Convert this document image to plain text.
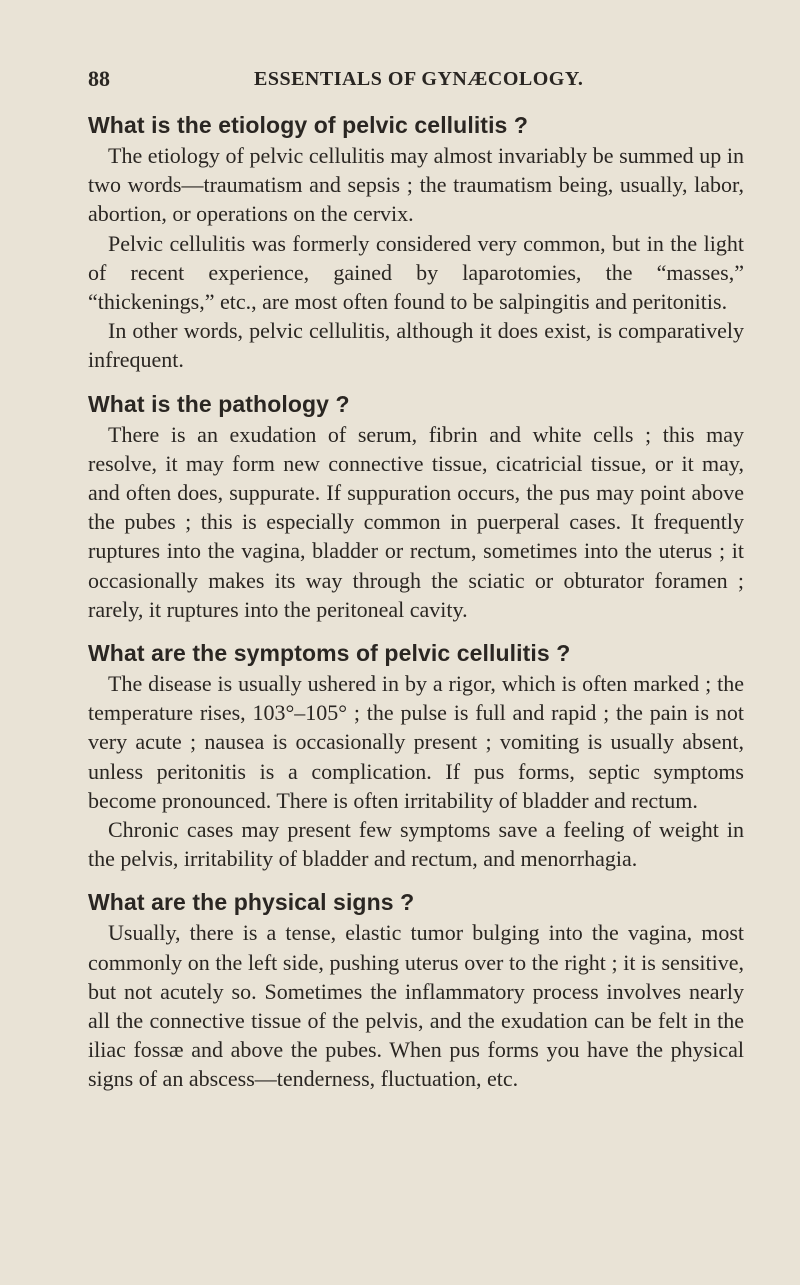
88	ESSENTIALS OF GYNÆCOLOGY.
What is the etiology of pelvic cellulitis ?

The etiology of pelvic cellulitis may almost invariably be summed up in two words—traumatism and sepsis ; the traumatism being, usually, labor, abortion, or operations on the cervix.

Pelvic cellulitis was formerly considered very common, but in the light of recent experience, gained by laparotomies, the “masses,” “thickenings,” etc., are most often found to be salpingitis and peritonitis.

In other words, pelvic cellulitis, although it does exist, is comparatively infrequent.

What is the pathology ?

There is an exudation of serum, fibrin and white cells ; this may resolve, it may form new connective tissue, cicatricial tissue, or it may, and often does, suppurate. If suppuration occurs, the pus may point above the pubes ; this is especially common in puerperal cases. It frequently ruptures into the vagina, bladder or rectum, sometimes into the uterus ; it occasionally makes its way through the sciatic or obturator foramen ; rarely, it ruptures into the peritoneal cavity.

What are the symptoms of pelvic cellulitis ?

The disease is usually ushered in by a rigor, which is often marked ; the temperature rises, 103°–105° ; the pulse is full and rapid ; the pain is not very acute ; nausea is occasionally present ; vomiting is usually absent, unless peritonitis is a complication. If pus forms, septic symptoms become pronounced. There is often irritability of bladder and rectum.

Chronic cases may present few symptoms save a feeling of weight in the pelvis, irritability of bladder and rectum, and menorrhagia.

What are the physical signs ?

Usually, there is a tense, elastic tumor bulging into the vagina, most commonly on the left side, pushing uterus over to the right ; it is sensitive, but not acutely so. Sometimes the inflammatory process involves nearly all the connective tissue of the pelvis, and the exudation can be felt in the iliac fossæ and above the pubes. When pus forms you have the physical signs of an abscess—tenderness, fluctuation, etc.
